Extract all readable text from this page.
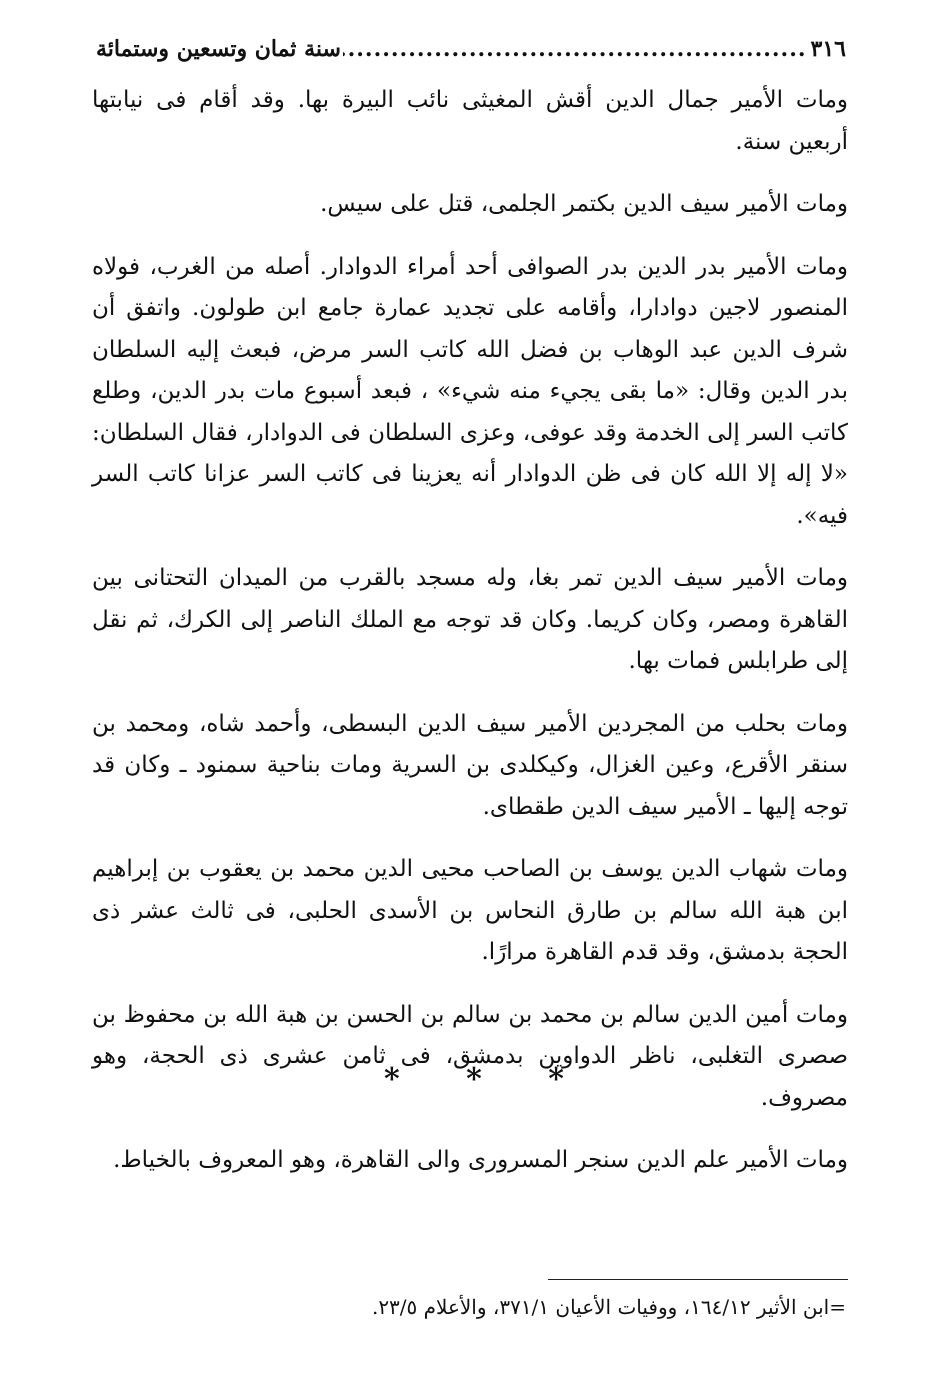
٣١٦
.....
سنة ثمان وتسعين وستمائة

ومات الأمير جمال الدين أقش المغيثى نائب البيرة بها. وقد أقام فى نيابتها أربعين سنة.

ومات الأمير سيف الدين بكتمر الجلمى، قتل على سيس.

ومات الأمير بدر الدين بدر الصوافى أحد أمراء الدوادار. أصله من الغرب، فولاه المنصور لاجين دوادارا، وأقامه على تجديد عمارة جامع ابن طولون. واتفق أن شرف الدين عبد الوهاب بن فضل الله كاتب السر مرض، فبعث إليه السلطان بدر الدين وقال: «ما بقى يجيء منه شيء» ، فبعد أسبوع مات بدر الدين، وطلع كاتب السر إلى الخدمة وقد عوفى، وعزى السلطان فى الدوادار، فقال السلطان: «لا إله إلا الله كان فى ظن الدوادار أنه يعزينا فى كاتب السر عزانا كاتب السر فيه».

ومات الأمير سيف الدين تمر بغا، وله مسجد بالقرب من الميدان التحتانى بين القاهرة ومصر، وكان كريما. وكان قد توجه مع الملك الناصر إلى الكرك، ثم نقل إلى طرابلس فمات بها.

ومات بحلب من المجردين الأمير سيف الدين البسطى، وأحمد شاه، ومحمد بن سنقر الأقرع، وعين الغزال، وكيكلدى بن السرية ومات بناحية سمنود ـ وكان قد توجه إليها ـ الأمير سيف الدين طقطاى.

ومات شهاب الدين يوسف بن الصاحب محيى الدين محمد بن يعقوب بن إبراهيم ابن هبة الله سالم بن طارق النحاس بن الأسدى الحلبى، فى ثالث عشر ذى الحجة بدمشق، وقد قدم القاهرة مرارًا.

ومات أمين الدين سالم بن محمد بن سالم بن الحسن بن هبة الله بن محفوظ بن صصرى التغلبى، ناظر الدواوين بدمشق، فى ثامن عشرى ذى الحجة، وهو مصروف.

ومات الأمير علم الدين سنجر المسرورى والى القاهرة، وهو المعروف بالخياط.

* * *
=ابن الأثير ١٦٤/١٢، ووفيات الأعيان ٣٧١/١، والأعلام ٢٣/٥.
